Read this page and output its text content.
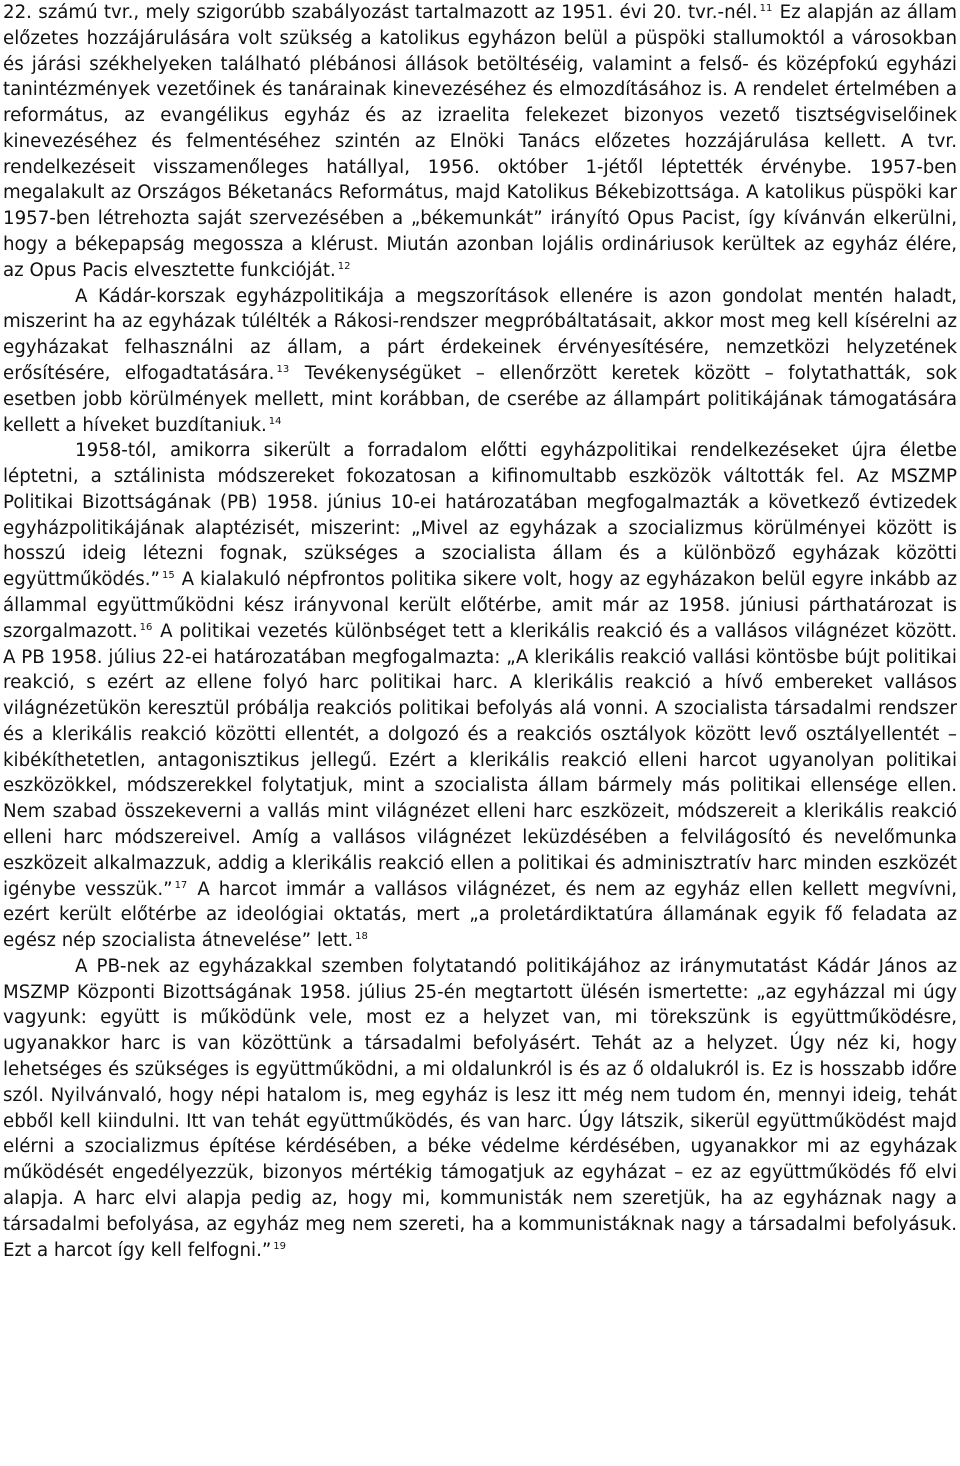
22. számú tvr., mely szigorúbb szabályozást tartalmazott az 1951. évi 20. tvr.-nél. $^{11}$ Ez alapján az állam előzetes hozzájárulására volt szükség a katolikus egyházon belül a püspöki stallumoktól a városokban és járási székhelyeken található plébánosi állások betöltéséig, valamint a felső- és középfokú egyházi tanintézmények vezetőinek és tanárainak kinevezéséhez és elmozdításához is. A rendelet értelmében a református, az evangélikus egyház és az izraelita felekezet bizonyos vezető tisztségviselőinek kinevezéséhez és felmentéséhez szintén az Elnöki Tanács előzetes hozzájárulása kellett. A tvr. rendelkezéseit visszamenőleges hatállyal, 1956. október 1-jétől léptették érvénybe. 1957-ben megalakult az Országos Béketanács Református, majd Katolikus Békebizottsága. A katolikus püspöki kar 1957-ben létrehozta saját szervezésében a „békemunkát” irányító Opus Pacist, így kívánván elkerülni, hogy a békepapság megossza a klérust. Miután azonban lojális ordináriusok kerültek az egyház élére, az Opus Pacis elvesztette funkcióját. $^{12}$

A Kádár-korszak egyházpolitikája a megszorítások ellenére is azon gondolat mentén haladt, miszerint ha az egyházak túlélték a Rákosi-rendszer megpróbáltatásait, akkor most meg kell kísérelni az egyházakat felhasználni az állam, a párt érdekeinek érvényesítésére, nemzetközi helyzetének erősítésére, elfogadtatására. $^{13}$ Tevékenységüket – ellenőrzött keretek között – folytathatták, sok esetben jobb körülmények mellett, mint korábban, de cserébe az állampárt politikájának támogatására kellett a híveket buzdítaniuk. $^{14}$

1958-tól, amikorra sikerült a forradalom előtti egyházpolitikai rendelkezéseket újra életbe léptetni, a sztálinista módszereket fokozatosan a kifinomultabb eszközök váltották fel. Az MSZMP Politikai Bizottságának (PB) 1958. június 10-ei határozatában megfogalmazták a következő évtizedek egyházpolitikájának alaptézisét, miszerint: „Mivel az egyházak a szocializmus körülményei között is hosszú ideig létezni fognak, szükséges a szocialista állam és a különböző egyházak közötti együttműködés.” $^{15}$ A kialakuló népfrontos politika sikere volt, hogy az egyházakon belül egyre inkább az állammal együttműködni kész irányvonal került előtérbe, amit már az 1958. júniusi párthatározat is szorgalmazott. $^{16}$ A politikai vezetés különbséget tett a klerikális reakció és a vallásos világnézet között. A PB 1958. július 22-ei határozatában megfogalmazta: „A klerikális reakció vallási köntösbe bújt politikai reakció, s ezért az ellene folyó harc politikai harc. A klerikális reakció a hívő embereket vallásos világnézetükön keresztül próbálja reakciós politikai befolyás alá vonni. A szocialista társadalmi rendszer és a klerikális reakció közötti ellentét, a dolgozó és a reakciós osztályok között levő osztályellentét – kibékíthetetlen, antagonisztikus jellegű. Ezért a klerikális reakció elleni harcot ugyanolyan politikai eszközökkel, módszerekkel folytatjuk, mint a szocialista állam bármely más politikai ellensége ellen. Nem szabad összekeverni a vallás mint világnézet elleni harc eszközeit, módszereit a klerikális reakció elleni harc módszereivel. Amíg a vallásos világnézet leküzdésében a felvilágosító és nevelőmunka eszközeit alkalmazzuk, addig a klerikális reakció ellen a politikai és adminisztratív harc minden eszközét igénybe vesszük.” $^{17}$ A harcot immár a vallásos világnézet, és nem az egyház ellen kellett megvívni, ezért került előtérbe az ideológiai oktatás, mert „a proletárdiktatúra államának egyik fő feladata az egész nép szocialista átnevelése” lett. $^{18}$

A PB-nek az egyházakkal szemben folytatandó politikájához az iránymutatást Kádár János az MSZMP Központi Bizottságának 1958. július 25-én megtartott ülésén ismertette: „az egyházzal mi úgy vagyunk: együtt is működünk vele, most ez a helyzet van, mi törekszünk is együttműködésre, ugyanakkor harc is van közöttünk a társadalmi befolyásért. Tehát az a helyzet. Úgy néz ki, hogy lehetséges és szükséges is együttműködni, a mi oldalunkról is és az ő oldalukról is. Ez is hosszabb időre szól. Nyilvánvaló, hogy népi hatalom is, meg egyház is lesz itt még nem tudom én, mennyi ideig, tehát ebből kell kiindulni. Itt van tehát együttműködés, és van harc. Úgy látszik, sikerül együttműködést majd elérni a szocializmus építése kérdésében, a béke védelme kérdésében, ugyanakkor mi az egyházak működését engedélyezzük, bizonyos mértékig támogatjuk az egyházat – ez az együttműködés fő elvi alapja. A harc elvi alapja pedig az, hogy mi, kommunisták nem szeretjük, ha az egyháznak nagy a társadalmi befolyása, az egyház meg nem szereti, ha a kommunistáknak nagy a társadalmi befolyásuk. Ezt a harcot így kell felfogni.” $^{19}$
